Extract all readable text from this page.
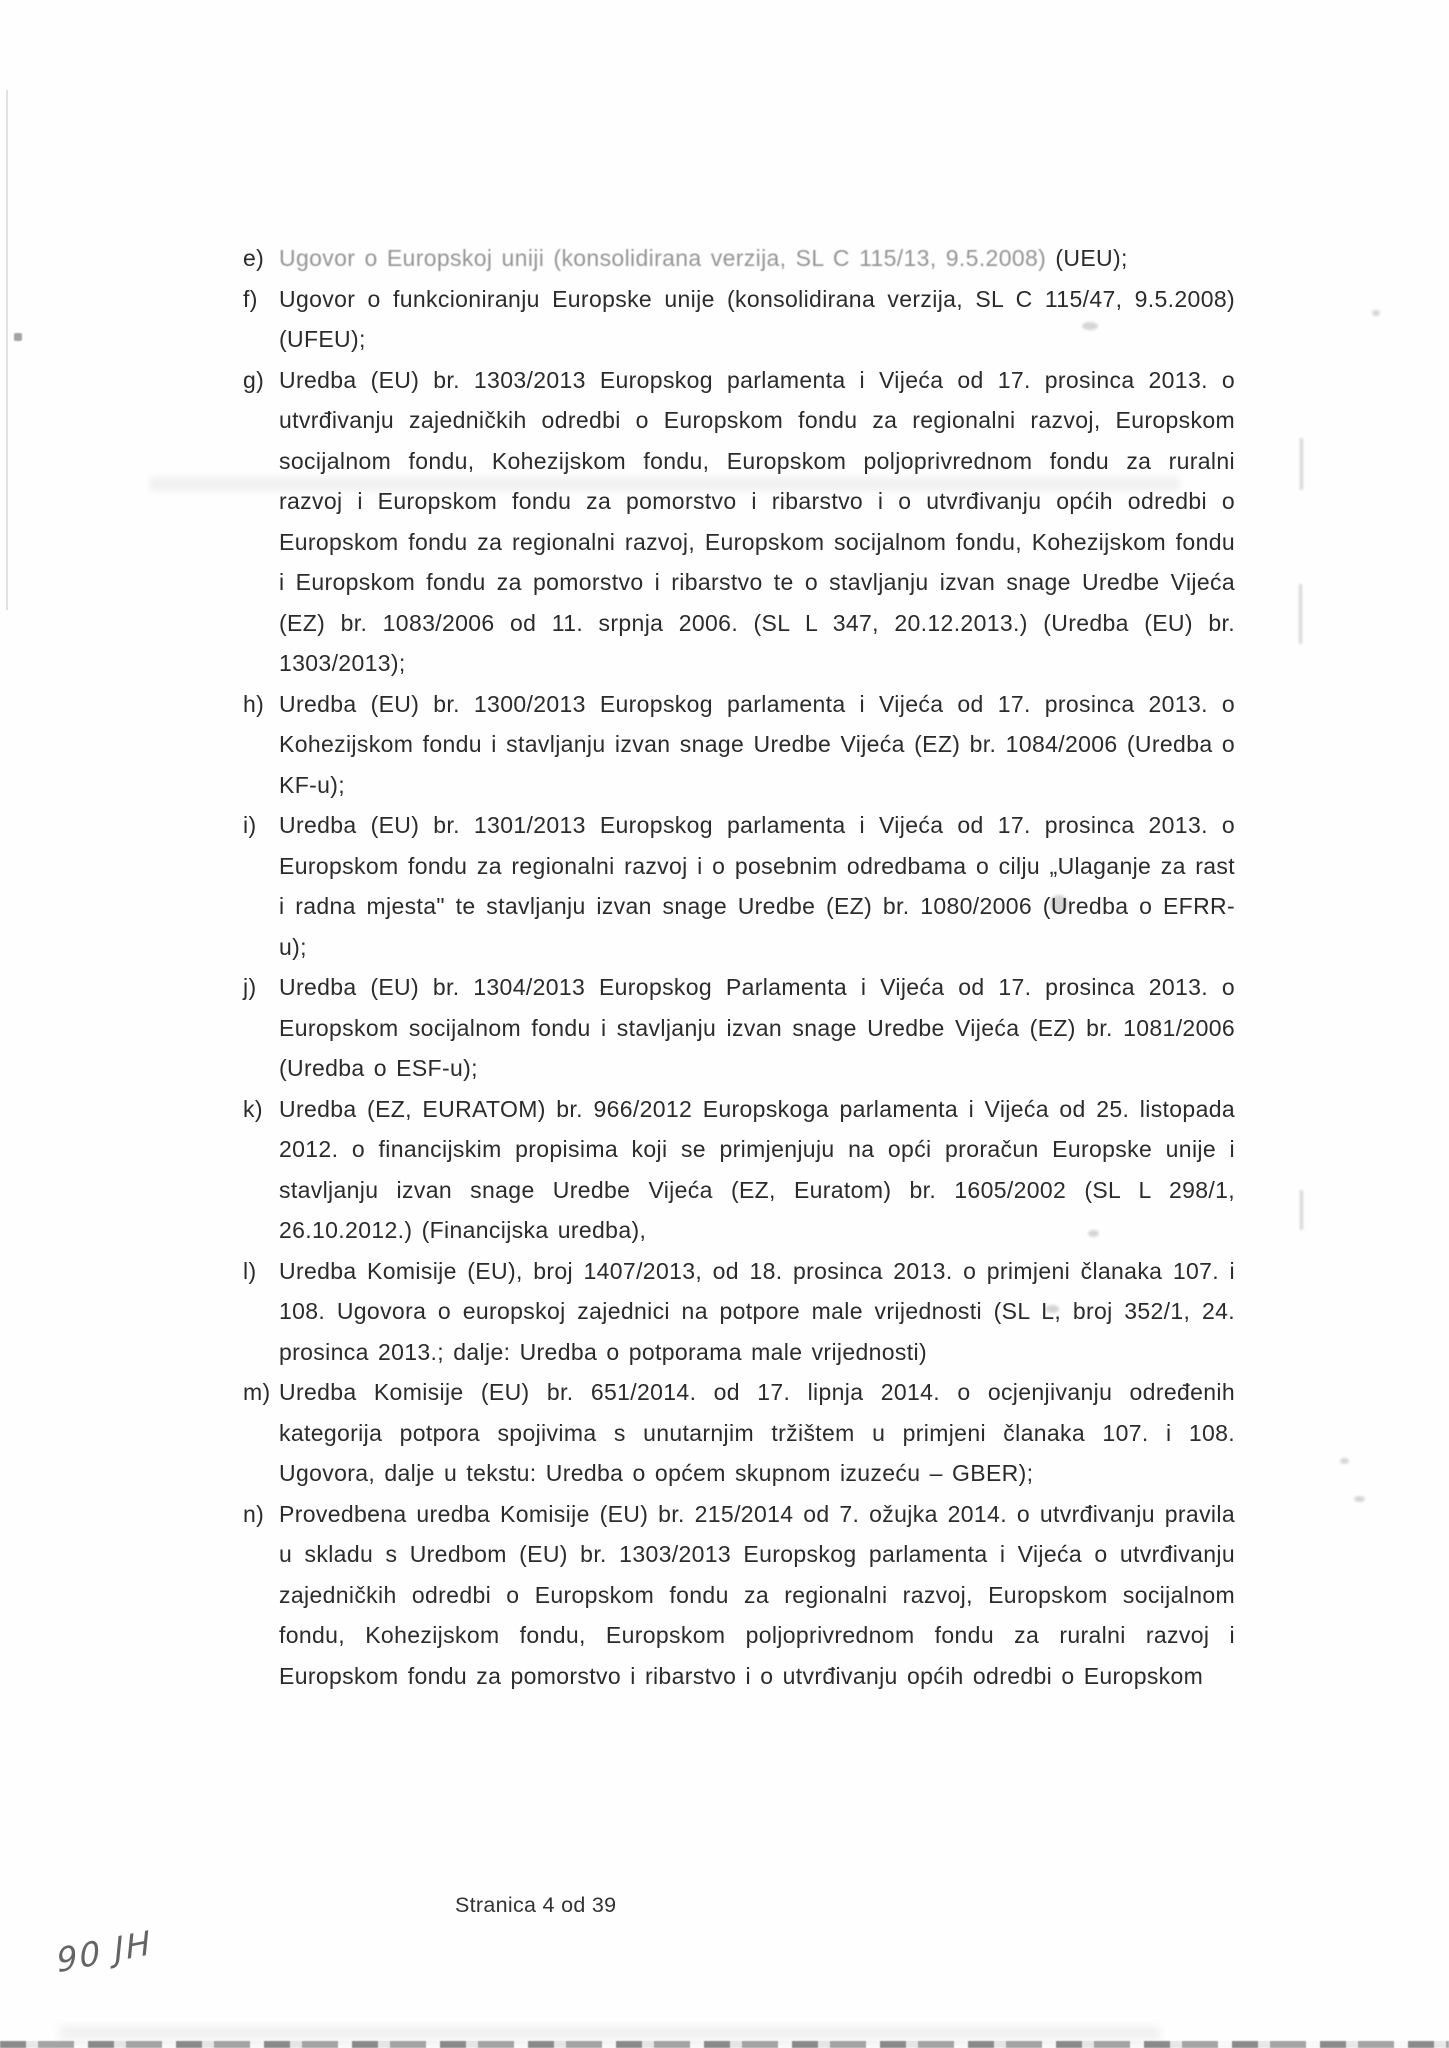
e) Ugovor o Europskoj uniji (konsolidirana verzija, SL C 115/13, 9.5.2008) (UEU);
f) Ugovor o funkcioniranju Europske unije (konsolidirana verzija, SL C 115/47, 9.5.2008) (UFEU);
g) Uredba (EU) br. 1303/2013 Europskog parlamenta i Vijeća od 17. prosinca 2013. o utvrđivanju zajedničkih odredbi o Europskom fondu za regionalni razvoj, Europskom socijalnom fondu, Kohezijskom fondu, Europskom poljoprivrednom fondu za ruralni razvoj i Europskom fondu za pomorstvo i ribarstvo i o utvrđivanju općih odredbi o Europskom fondu za regionalni razvoj, Europskom socijalnom fondu, Kohezijskom fondu i Europskom fondu za pomorstvo i ribarstvo te o stavljanju izvan snage Uredbe Vijeća (EZ) br. 1083/2006 od 11. srpnja 2006. (SL L 347, 20.12.2013.) (Uredba (EU) br. 1303/2013);
h) Uredba (EU) br. 1300/2013 Europskog parlamenta i Vijeća od 17. prosinca 2013. o Kohezijskom fondu i stavljanju izvan snage Uredbe Vijeća (EZ) br. 1084/2006 (Uredba o KF-u);
i) Uredba (EU) br. 1301/2013 Europskog parlamenta i Vijeća od 17. prosinca 2013. o Europskom fondu za regionalni razvoj i o posebnim odredbama o cilju „Ulaganje za rast i radna mjesta" te stavljanju izvan snage Uredbe (EZ) br. 1080/2006 (Uredba o EFRR-u);
j) Uredba (EU) br. 1304/2013 Europskog Parlamenta i Vijeća od 17. prosinca 2013. o Europskom socijalnom fondu i stavljanju izvan snage Uredbe Vijeća (EZ) br. 1081/2006 (Uredba o ESF-u);
k) Uredba (EZ, EURATOM) br. 966/2012 Europskoga parlamenta i Vijeća od 25. listopada 2012. o financijskim propisima koji se primjenjuju na opći proračun Europske unije i stavljanju izvan snage Uredbe Vijeća (EZ, Euratom) br. 1605/2002 (SL L 298/1, 26.10.2012.) (Financijska uredba),
l) Uredba Komisije (EU), broj 1407/2013, od 18. prosinca 2013. o primjeni članaka 107. i 108. Ugovora o europskoj zajednici na potpore male vrijednosti (SL L, broj 352/1, 24. prosinca 2013.; dalje: Uredba o potporama male vrijednosti)
m) Uredba Komisije (EU) br. 651/2014. od 17. lipnja 2014. o ocjenjivanju određenih kategorija potpora spojivima s unutarnjim tržištem u primjeni članaka 107. i 108. Ugovora, dalje u tekstu: Uredba o općem skupnom izuzeću – GBER);
n) Provedbena uredba Komisije (EU) br. 215/2014 od 7. ožujka 2014. o utvrđivanju pravila u skladu s Uredbom (EU) br. 1303/2013 Europskog parlamenta i Vijeća o utvrđivanju zajedničkih odredbi o Europskom fondu za regionalni razvoj, Europskom socijalnom fondu, Kohezijskom fondu, Europskom poljoprivrednom fondu za ruralni razvoj i Europskom fondu za pomorstvo i ribarstvo i o utvrđivanju općih odredbi o Europskom
Stranica 4 od 39
90 JH
